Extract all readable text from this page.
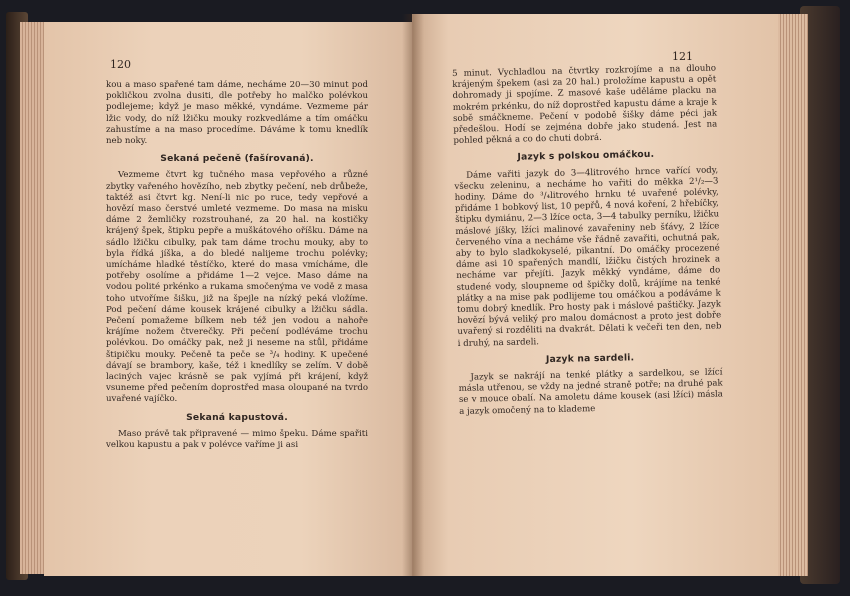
120

kou a maso spařené tam dáme, necháme 20—30 minut pod pokličkou zvolna dusiti, dle potřeby ho malčko polévkou podlejeme; když je maso měkké, vyndáme. Vezmeme pár lžic vody, do níž lžičku mouky rozkvedláme a tím omáčku zahustíme a na maso procedíme. Dáváme k tomu knedlík neb noky.

Sekaná pečeně (fašírovaná).

Vezmeme čtvrt kg tučného masa vepřového a různé zbytky vařeného hovězího, neb zbytky pečení, neb drůbeže, taktéž asi čtvrt kg. Není-li nic po ruce, tedy vepřové a hovězí maso čerstvé umleté vezmeme. Do masa na misku dáme 2 žemličky rozstrouhané, za 20 hal. na kostičky krájený špek, štipku pepře a muškátového oříšku. Dáme na sádlo lžičku cibulky, pak tam dáme trochu mouky, aby to byla řídká jíška, a do bledé nalijeme trochu polévky; umícháme hladké těstíčko, které do masa vmícháme, dle potřeby osolíme a přidáme 1—2 vejce. Maso dáme na vodou polité prkénko a rukama smočenýma ve vodě z masa toho utvoříme šišku, již na špejle na nízký peká vložíme. Pod pečení dáme kousek krájené cibulky a lžičku sádla. Pečení pomažeme bílkem neb též jen vodou a nahoře krájíme nožem čtverečky. Při pečení podléváme trochu polévkou. Do omáčky pak, než ji neseme na stůl, přidáme štipičku mouky. Pečeně ta peče se ³/₄ hodiny. K upečené dávají se brambory, kaše, též i knedlíky se zelím. V době laciných vajec krásně se pak vyjímá při krájení, když vsuneme před pečením doprostřed masa oloupané na tvrdo uvařené vajíčko.

Sekaná kapustová.

Maso právě tak připravené — mimo špeku. Dáme spařiti velkou kapustu a pak v polévce vaříme ji asi

121

5 minut. Vychladlou na čtvrtky rozkrojíme a na dlouho krájeným špekem (asi za 20 hal.) proložíme kapustu a opět dohromady ji spojíme. Z masové kaše uděláme placku na mokrém prkénku, do níž doprostřed kapustu dáme a kraje k sobě smáčkneme. Pečení v podobě šišky dáme péci jak předešlou. Hodí se zejména dobře jako studená. Jest na pohled pěkná a co do chuti dobrá.

Jazyk s polskou omáčkou.

Dáme vařiti jazyk do 3—4litrového hrnce vařící vody, všecku zeleninu, a necháme ho vařiti do měkka 2¹/₂—3 hodiny. Dáme do ³/₄litrového hrnku té uvařené polévky, přidáme 1 bobkový list, 10 pepřů, 4 nová koření, 2 hřebíčky, štipku dymiánu, 2—3 lžíce octa, 3—4 tabulky perníku, lžičku máslové jíšky, lžíci malinové zavařeniny neb šťávy, 2 lžíce červeného vína a necháme vše řádně zavařiti, ochutná pak, aby to bylo sladkokyselé, pikantní. Do omáčky procezené dáme asi 10 spařených mandlí, lžičku čistých hrozinek a necháme var přejíti. Jazyk měkký vyndáme, dáme do studené vody, sloupneme od špičky dolů, krájíme na tenké plátky a na mise pak podlijeme tou omáčkou a podáváme k tomu dobrý knedlík. Pro hosty pak i máslové paštičky. Jazyk hovězí bývá veliký pro malou domácnost a proto jest dobře uvařený si rozděliti na dvakrát. Dělati k večeři ten den, neb i druhý, na sardeli.

Jazyk na sardeli.

Jazyk se nakrájí na tenké plátky a sardelkou, se lžící másla utřenou, se vždy na jedné straně potře; na druhé pak se v mouce obalí. Na amoletu dáme kousek (asi lžíci) másla a jazyk omočený na to klademe
